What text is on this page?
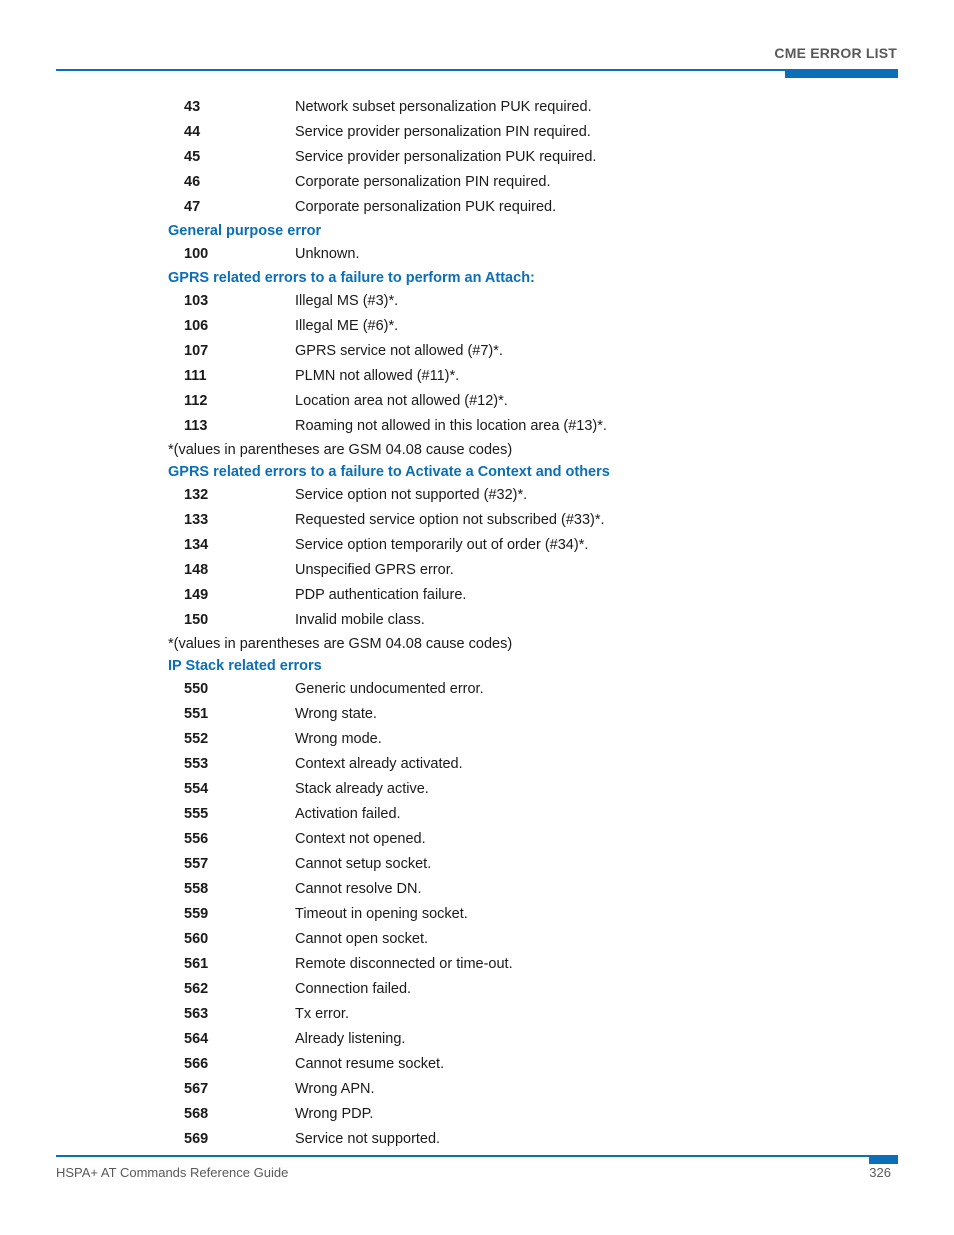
CME ERROR LIST
43	Network subset personalization PUK required.
44	Service provider personalization PIN required.
45	Service provider personalization PUK required.
46	Corporate personalization PIN required.
47	Corporate personalization PUK required.
General purpose error
100	Unknown.
GPRS related errors to a failure to perform an Attach:
103	Illegal MS (#3)*.
106	Illegal ME (#6)*.
107	GPRS service not allowed (#7)*.
111	PLMN not allowed (#11)*.
112	Location area not allowed (#12)*.
113	Roaming not allowed in this location area (#13)*.
*(values in parentheses are GSM 04.08 cause codes)
GPRS related errors to a failure to Activate a Context and others
132	Service option not supported (#32)*.
133	Requested service option not subscribed (#33)*.
134	Service option temporarily out of order (#34)*.
148	Unspecified GPRS error.
149	PDP authentication failure.
150	Invalid mobile class.
*(values in parentheses are GSM 04.08 cause codes)
IP Stack related errors
550	Generic undocumented error.
551	Wrong state.
552	Wrong mode.
553	Context already activated.
554	Stack already active.
555	Activation failed.
556	Context not opened.
557	Cannot setup socket.
558	Cannot resolve DN.
559	Timeout in opening socket.
560	Cannot open socket.
561	Remote disconnected or time-out.
562	Connection failed.
563	Tx error.
564	Already listening.
566	Cannot resume socket.
567	Wrong APN.
568	Wrong PDP.
569	Service not supported.
HSPA+ AT Commands Reference Guide	326
